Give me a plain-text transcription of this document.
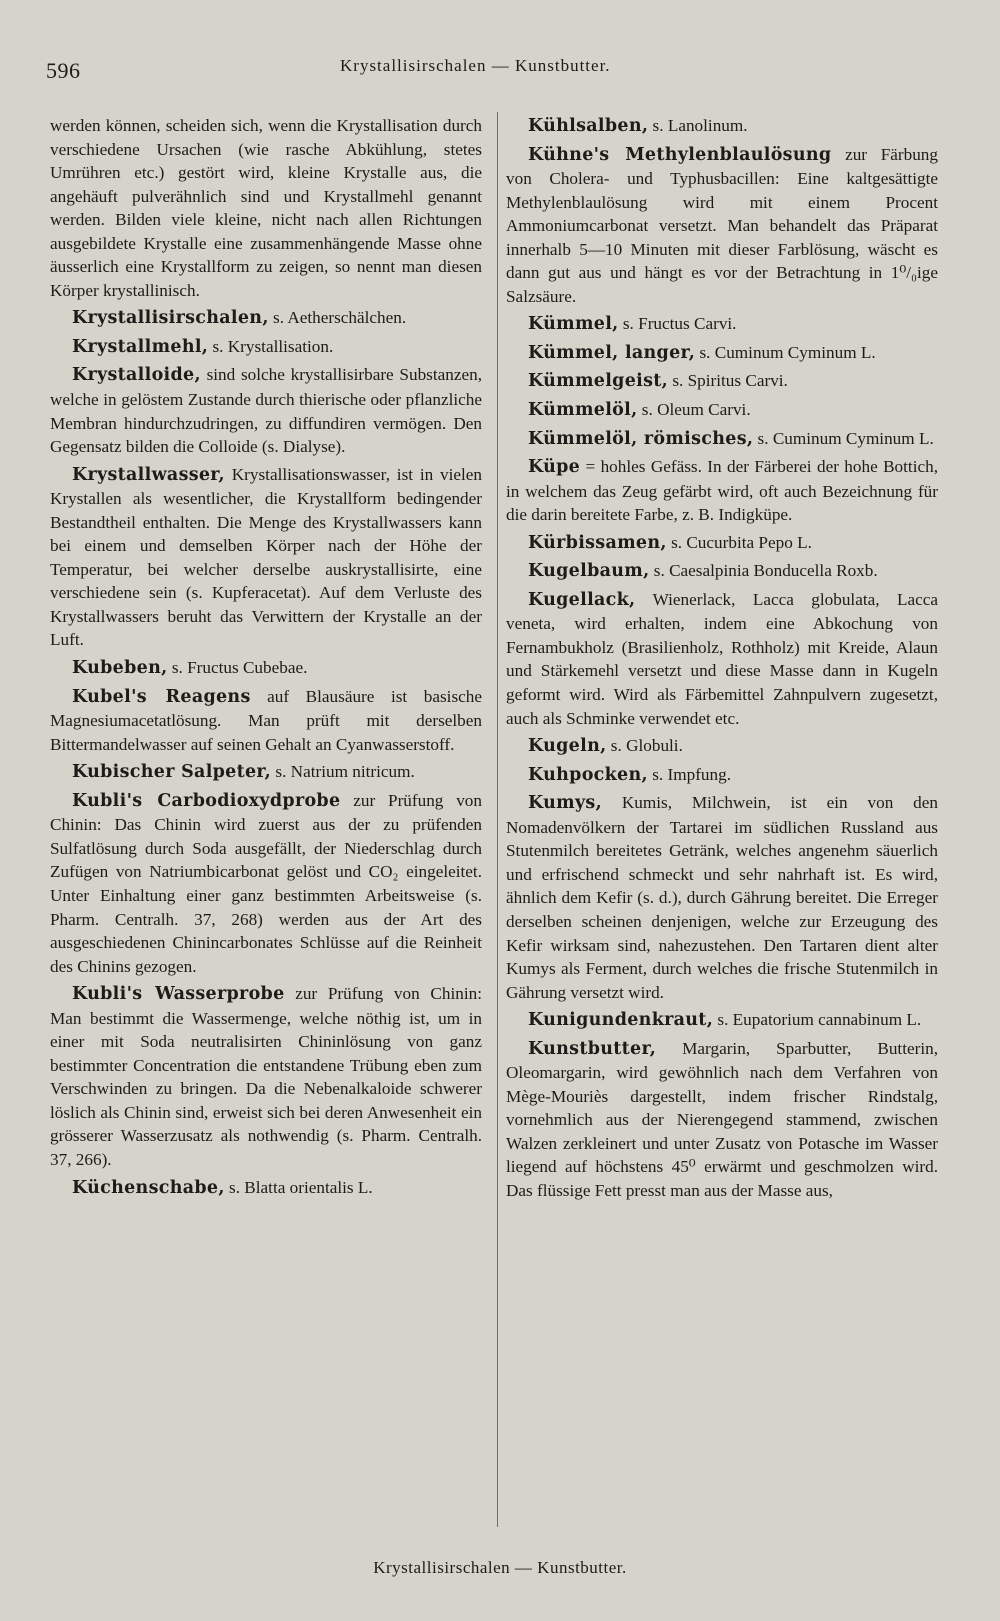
596	Krystallisirschalen — Kunstbutter.

werden können, scheiden sich, wenn die Krystallisation durch verschiedene Ursachen (wie rasche Abkühlung, stetes Umrühren etc.) gestört wird, kleine Krystalle aus, die angehäuft pulverähnlich sind und Krystallmehl genannt werden. Bilden viele kleine, nicht nach allen Richtungen ausgebildete Krystalle eine zusammenhängende Masse ohne äusserlich eine Krystallform zu zeigen, so nennt man diesen Körper krystallinisch.

Krystallisirschalen, s. Aetherschälchen.

Krystallmehl, s. Krystallisation.

Krystalloide, sind solche krystallisirbare Substanzen, welche in gelöstem Zustande durch thierische oder pflanzliche Membran hindurchzudringen, zu diffundiren vermögen. Den Gegensatz bilden die Colloide (s. Dialyse).

Krystallwasser, Krystallisationswasser, ist in vielen Krystallen als wesentlicher, die Krystallform bedingender Bestandtheil enthalten. Die Menge des Krystallwassers kann bei einem und demselben Körper nach der Höhe der Temperatur, bei welcher derselbe auskrystallisirte, eine verschiedene sein (s. Kupferacetat). Auf dem Verluste des Krystallwassers beruht das Verwittern der Krystalle an der Luft.

Kubeben, s. Fructus Cubebae.

Kubel's Reagens auf Blausäure ist basische Magnesiumacetatlösung. Man prüft mit derselben Bittermandelwasser auf seinen Gehalt an Cyanwasserstoff.

Kubischer Salpeter, s. Natrium nitricum.

Kubli's Carbodioxydprobe zur Prüfung von Chinin: Das Chinin wird zuerst aus der zu prüfenden Sulfatlösung durch Soda ausgefällt, der Niederschlag durch Zufügen von Natriumbicarbonat gelöst und CO₂ eingeleitet. Unter Einhaltung einer ganz bestimmten Arbeitsweise (s. Pharm. Centralh. 37, 268) werden aus der Art des ausgeschiedenen Chinincarbonates Schlüsse auf die Reinheit des Chinins gezogen.

Kubli's Wasserprobe zur Prüfung von Chinin: Man bestimmt die Wassermenge, welche nöthig ist, um in einer mit Soda neutralisirten Chininlösung von ganz bestimmter Concentration die entstandene Trübung eben zum Verschwinden zu bringen. Da die Nebenalkaloide schwerer löslich als Chinin sind, erweist sich bei deren Anwesenheit ein grösserer Wasserzusatz als nothwendig (s. Pharm. Centralh. 37, 266).

Küchenschabe, s. Blatta orientalis L.

Kühlsalben, s. Lanolinum.

Kühne's Methylenblaulösung zur Färbung von Cholera- und Typhusbacillen: Eine kaltgesättigte Methylenblaulösung wird mit einem Procent Ammoniumcarbonat versetzt. Man behandelt das Präparat innerhalb 5—10 Minuten mit dieser Farblösung, wäscht es dann gut aus und hängt es vor der Betrachtung in 1⁰/₀ige Salzsäure.

Kümmel, s. Fructus Carvi.

Kümmel, langer, s. Cuminum Cyminum L.

Kümmelgeist, s. Spiritus Carvi.

Kümmelöl, s. Oleum Carvi.

Kümmelöl, römisches, s. Cuminum Cyminum L.

Küpe = hohles Gefäss. In der Färberei der hohe Bottich, in welchem das Zeug gefärbt wird, oft auch Bezeichnung für die darin bereitete Farbe, z. B. Indigküpe.

Kürbissamen, s. Cucurbita Pepo L.

Kugelbaum, s. Caesalpinia Bonducella Roxb.

Kugellack, Wienerlack, Lacca globulata, Lacca veneta, wird erhalten, indem eine Abkochung von Fernambukholz (Brasilienholz, Rothholz) mit Kreide, Alaun und Stärkemehl versetzt und diese Masse dann in Kugeln geformt wird. Wird als Färbemittel Zahnpulvern zugesetzt, auch als Schminke verwendet etc.

Kugeln, s. Globuli.

Kuhpocken, s. Impfung.

Kumys, Kumis, Milchwein, ist ein von den Nomadenvölkern der Tartarei im südlichen Russland aus Stutenmilch bereitetes Getränk, welches angenehm säuerlich und erfrischend schmeckt und sehr nahrhaft ist. Es wird, ähnlich dem Kefir (s. d.), durch Gährung bereitet. Die Erreger derselben scheinen denjenigen, welche zur Erzeugung des Kefir wirksam sind, nahezustehen. Den Tartaren dient alter Kumys als Ferment, durch welches die frische Stutenmilch in Gährung versetzt wird.

Kunigundenkraut, s. Eupatorium cannabinum L.

Kunstbutter, Margarin, Sparbutter, Butterin, Oleomargarin, wird gewöhnlich nach dem Verfahren von Mège-Mouriès dargestellt, indem frischer Rindstalg, vornehmlich aus der Nierengegend stammend, zwischen Walzen zerkleinert und unter Zusatz von Potasche im Wasser liegend auf höchstens 45⁰ erwärmt und geschmolzen wird. Das flüssige Fett presst man aus der Masse aus,

Krystallisirschalen — Kunstbutter.
